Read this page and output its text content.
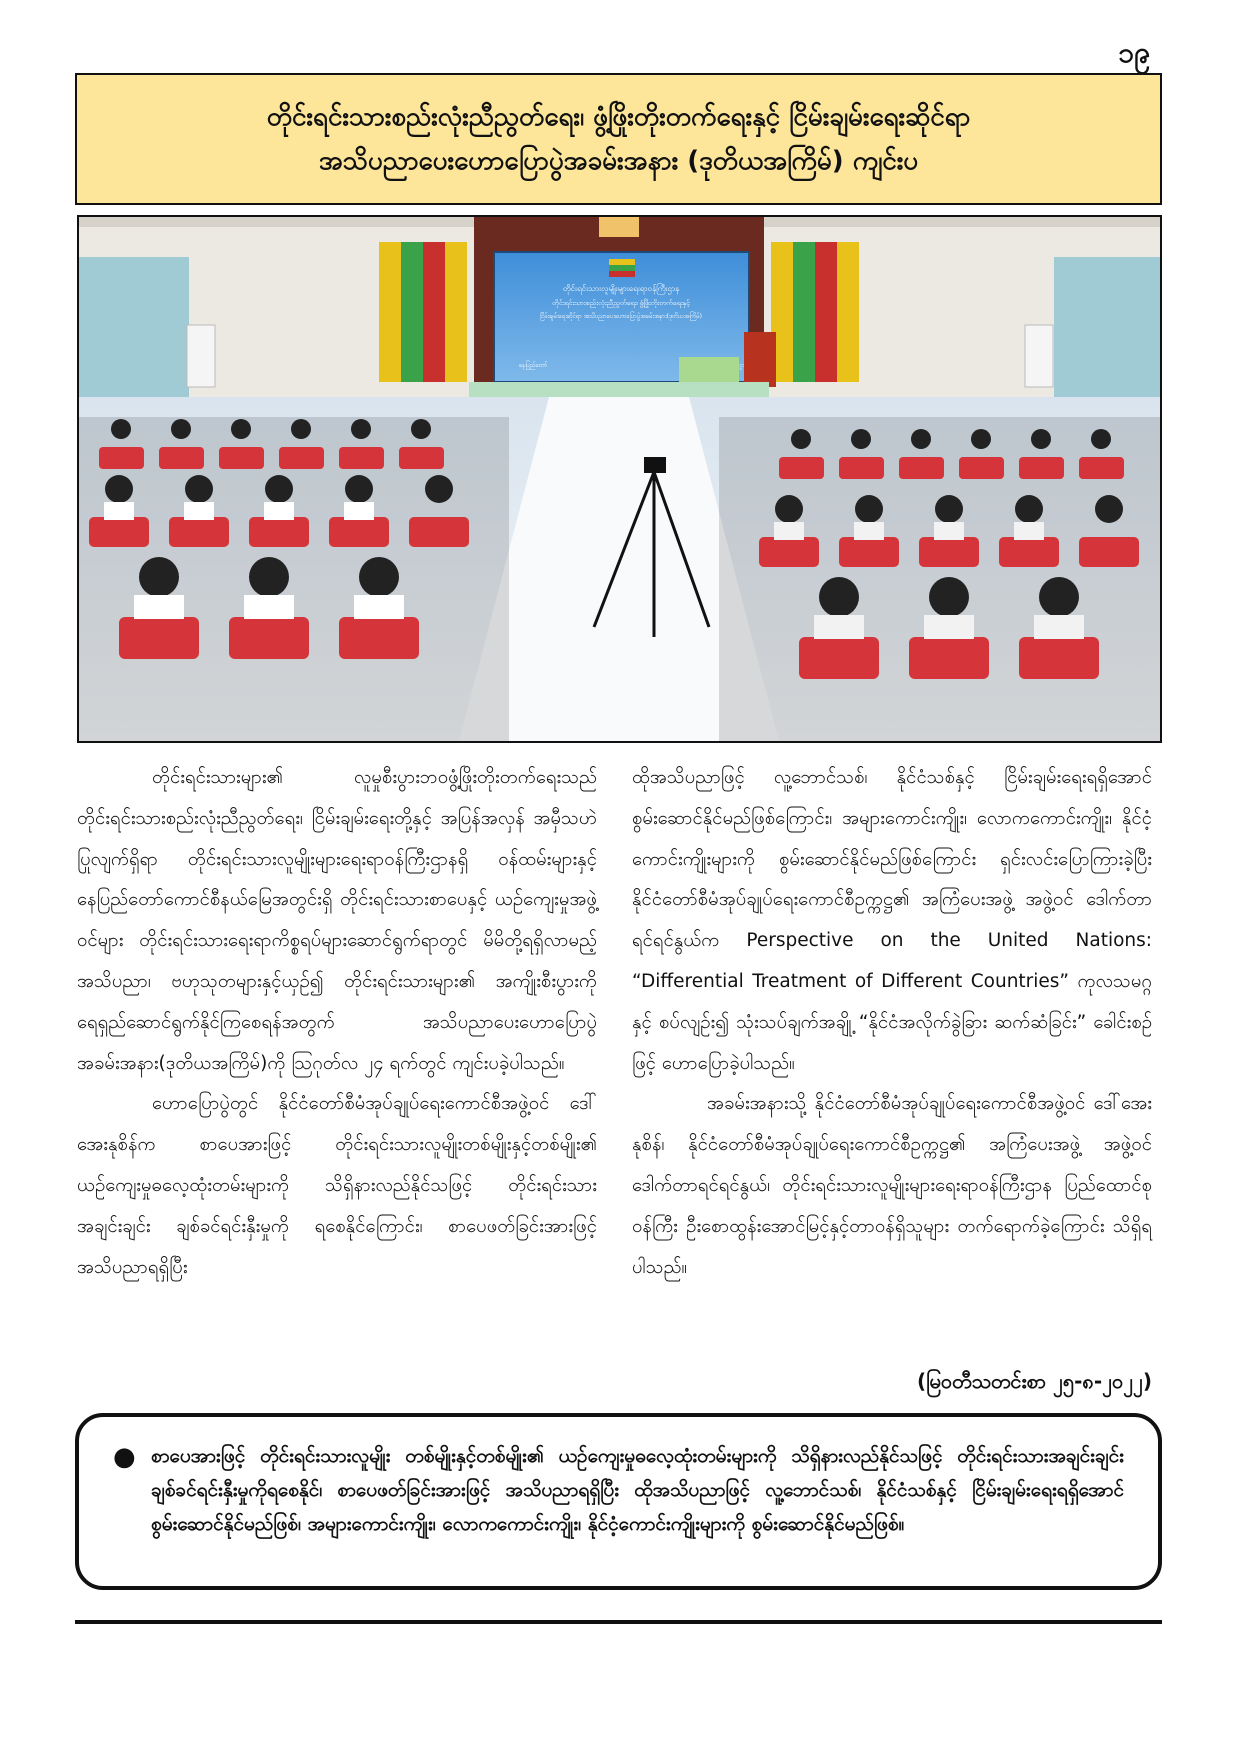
၁၉
တိုင်းရင်းသားစည်းလုံးညီညွတ်ရေး၊ ဖွံ့ဖြိုးတိုးတက်ရေးနှင့် ငြိမ်းချမ်းရေးဆိုင်ရာ
အသိပညာပေးဟောပြောပွဲအခမ်းအနား (ဒုတိယအကြိမ်) ကျင်းပ
တိုင်းရင်းသားလူမျိုးများရေးရာဝန်ကြီးဌာန
တိုင်းရင်းသားစည်းလုံးညီညွတ်ရေး၊ ဖွံ့ဖြိုးတိုးတက်ရေးနှင့်
ငြိမ်းချမ်းရေးဆိုင်ရာ အသိပညာပေးဟောပြောပွဲအခမ်းအနား(ဒုတိယအကြိမ်)
နေပြည်တော်

တိုင်းရင်းသားများ၏ လူမှုစီးပွားဘဝဖွံ့ဖြိုးတိုးတက်ရေးသည် တိုင်းရင်းသားစည်းလုံးညီညွတ်ရေး၊ ငြိမ်းချမ်းရေးတို့နှင့် အပြန်အလှန် အမှီသဟဲပြုလျက်ရှိရာ တိုင်းရင်းသားလူမျိုးများရေးရာဝန်ကြီးဌာနရှိ ဝန်ထမ်းများနှင့် နေပြည်တော်ကောင်စီနယ်မြေအတွင်းရှိ တိုင်းရင်းသားစာပေနှင့် ယဉ်ကျေးမှုအဖွဲ့ဝင်များ တိုင်းရင်းသားရေးရာကိစ္စရပ်များဆောင်ရွက်ရာတွင် မိမိတို့ရရှိလာမည့် အသိပညာ၊ ဗဟုသုတများနှင့်ယှဉ်၍ တိုင်းရင်းသားများ၏ အကျိုးစီးပွားကို ရေရှည်ဆောင်ရွက်နိုင်ကြစေရန်အတွက် အသိပညာပေးဟောပြောပွဲအခမ်းအနား(ဒုတိယအကြိမ်)ကို ဩဂုတ်လ ၂၄ ရက်တွင် ကျင်းပခဲ့ပါသည်။

ဟောပြောပွဲတွင် နိုင်ငံတော်စီမံအုပ်ချုပ်ရေးကောင်စီအဖွဲ့ဝင် ဒေါ်အေးနုစိန်က စာပေအားဖြင့် တိုင်းရင်းသားလူမျိုးတစ်မျိုးနှင့်တစ်မျိုး၏ ယဉ်ကျေးမှုဓလေ့ထုံးတမ်းများကို သိရှိနားလည်နိုင်သဖြင့် တိုင်းရင်းသားအချင်းချင်း ချစ်ခင်ရင်းနှီးမှုကို ရစေနိုင်ကြောင်း၊ စာပေဖတ်ခြင်းအားဖြင့် အသိပညာရရှိပြီး

ထိုအသိပညာဖြင့် လူ့ဘောင်သစ်၊ နိုင်ငံသစ်နှင့် ငြိမ်းချမ်းရေးရရှိအောင် စွမ်းဆောင်နိုင်မည်ဖြစ်ကြောင်း၊ အများကောင်းကျိုး၊ လောကကောင်းကျိုး၊ နိုင်ငံ့ကောင်းကျိုးများကို စွမ်းဆောင်နိုင်မည်ဖြစ်ကြောင်း ရှင်းလင်းပြောကြားခဲ့ပြီး နိုင်ငံတော်စီမံအုပ်ချုပ်ရေးကောင်စီဥက္ကဋ္ဌ၏ အကြံပေးအဖွဲ့ အဖွဲ့ဝင် ဒေါက်တာရင်ရင်နွယ်က Perspective on the United Nations: “Differential Treatment of Different Countries” ကုလသမဂ္ဂနှင့် စပ်လျဉ်း၍ သုံးသပ်ချက်အချို့ “နိုင်ငံအလိုက်ခွဲခြား ဆက်ဆံခြင်း” ခေါင်းစဉ်ဖြင့် ဟောပြောခဲ့ပါသည်။

အခမ်းအနားသို့ နိုင်ငံတော်စီမံအုပ်ချုပ်ရေးကောင်စီအဖွဲ့ဝင် ဒေါ်အေးနုစိန်၊ နိုင်ငံတော်စီမံအုပ်ချုပ်ရေးကောင်စီဥက္ကဋ္ဌ၏ အကြံပေးအဖွဲ့ အဖွဲ့ဝင် ဒေါက်တာရင်ရင်နွယ်၊ တိုင်းရင်းသားလူမျိုးများရေးရာဝန်ကြီးဌာန ပြည်ထောင်စုဝန်ကြီး ဦးစောထွန်းအောင်မြင့်နှင့်တာဝန်ရှိသူများ တက်ရောက်ခဲ့ကြောင်း သိရှိရပါသည်။

(မြဝတီသတင်းစာ ၂၅-၈-၂၀၂၂)
● စာပေအားဖြင့် တိုင်းရင်းသားလူမျိုး တစ်မျိုးနှင့်တစ်မျိုး၏ ယဉ်ကျေးမှုဓလေ့ထုံးတမ်းများကို သိရှိနားလည်နိုင်သဖြင့် တိုင်းရင်းသားအချင်းချင်း ချစ်ခင်ရင်းနှီးမှုကိုရစေနိုင်၊ စာပေဖတ်ခြင်းအားဖြင့် အသိပညာရရှိပြီး ထိုအသိပညာဖြင့် လူ့ဘောင်သစ်၊ နိုင်ငံသစ်နှင့် ငြိမ်းချမ်းရေးရရှိအောင် စွမ်းဆောင်နိုင်မည်ဖြစ်၊ အများကောင်းကျိုး၊ လောကကောင်းကျိုး၊ နိုင်ငံ့ကောင်းကျိုးများကို စွမ်းဆောင်နိုင်မည်ဖြစ်။
